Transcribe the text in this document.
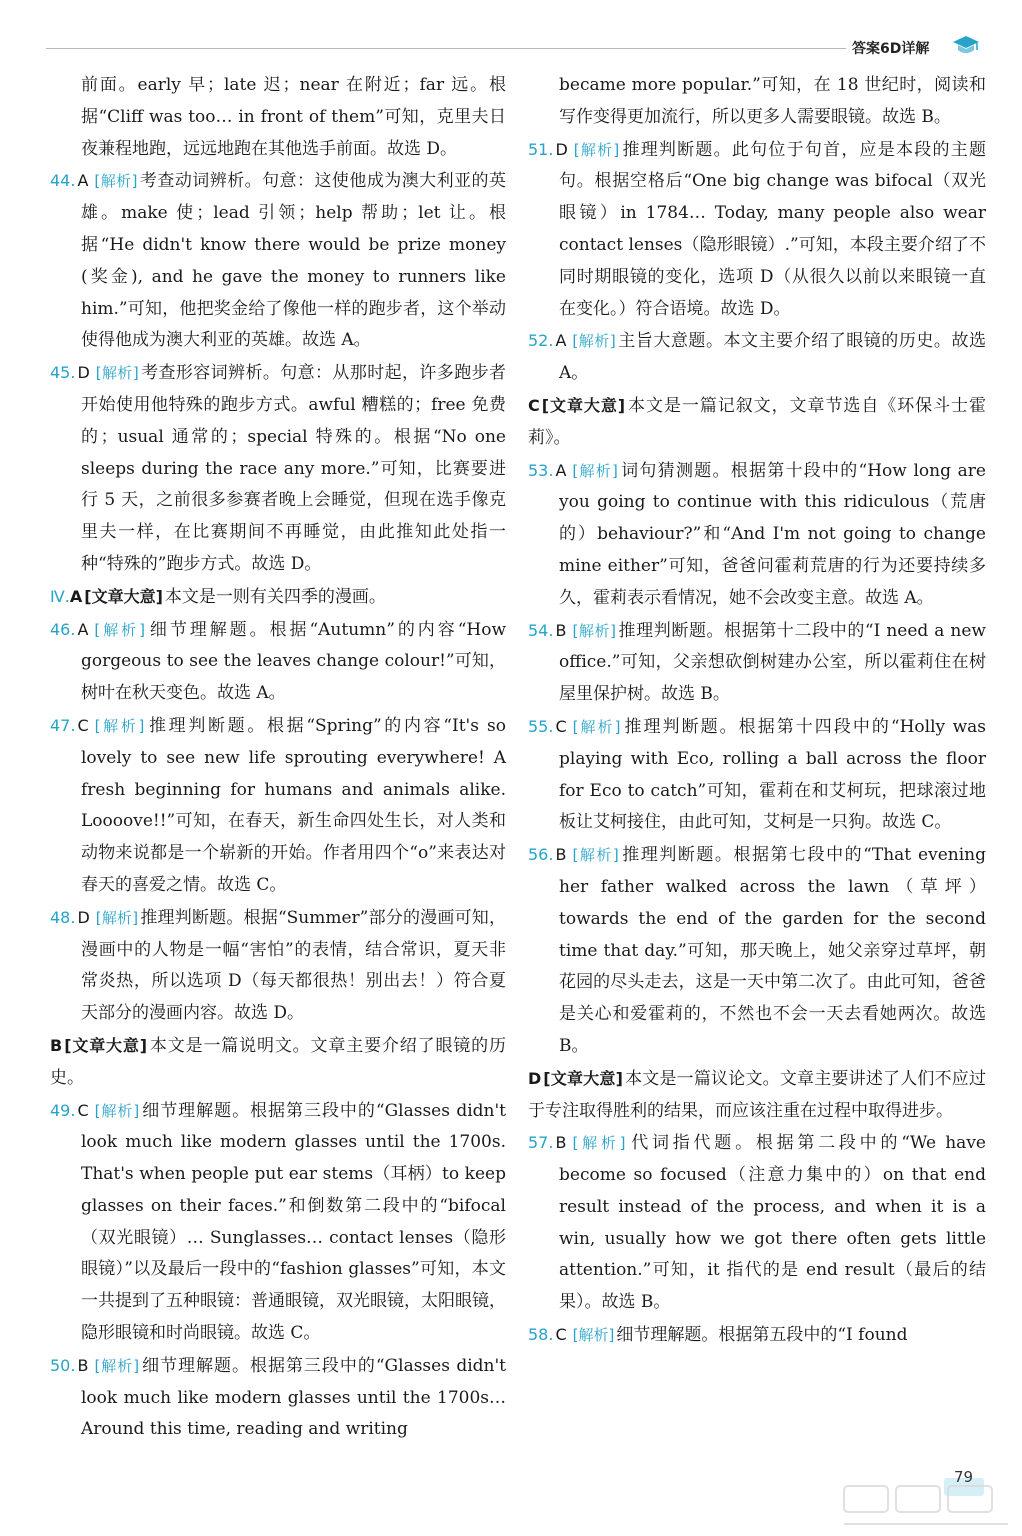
答案6D详解

前面。early 早；late 迟；near 在附近；far 远。根据“Cliff was too… in front of them”可知，克里夫日夜兼程地跑，远远地跑在其他选手前面。故选 D。

44. A [解析] 考查动词辨析。句意：这使他成为澳大利亚的英雄。make 使；lead 引领；help 帮助；let 让。根据“He didn't know there would be prize money (奖金), and he gave the money to runners like him.”可知，他把奖金给了像他一样的跑步者，这个举动使得他成为澳大利亚的英雄。故选 A。

45. D [解析] 考查形容词辨析。句意：从那时起，许多跑步者开始使用他特殊的跑步方式。awful 糟糕的；free 免费的；usual 通常的；special 特殊的。根据“No one sleeps during the race any more.”可知，比赛要进行 5 天，之前很多参赛者晚上会睡觉，但现在选手像克里夫一样，在比赛期间不再睡觉，由此推知此处指一种“特殊的”跑步方式。故选 D。

Ⅳ.A [文章大意] 本文是一则有关四季的漫画。

46. A [解析] 细节理解题。根据“Autumn”的内容“How gorgeous to see the leaves change colour!”可知，树叶在秋天变色。故选 A。

47. C [解析] 推理判断题。根据“Spring”的内容“It's so lovely to see new life sprouting everywhere! A fresh beginning for humans and animals alike. Loooove!!”可知，在春天，新生命四处生长，对人类和动物来说都是一个崭新的开始。作者用四个“o”来表达对春天的喜爱之情。故选 C。

48. D [解析] 推理判断题。根据“Summer”部分的漫画可知，漫画中的人物是一幅“害怕”的表情，结合常识，夏天非常炎热，所以选项 D（每天都很热！别出去！）符合夏天部分的漫画内容。故选 D。

B [文章大意] 本文是一篇说明文。文章主要介绍了眼镜的历史。

49. C [解析] 细节理解题。根据第三段中的“Glasses didn't look much like modern glasses until the 1700s. That's when people put ear stems（耳柄）to keep glasses on their faces.”和倒数第二段中的“bifocal（双光眼镜）… Sunglasses… contact lenses（隐形眼镜）”以及最后一段中的“fashion glasses”可知，本文一共提到了五种眼镜：普通眼镜，双光眼镜，太阳眼镜，隐形眼镜和时尚眼镜。故选 C。

50. B [解析] 细节理解题。根据第三段中的“Glasses didn't look much like modern glasses until the 1700s… Around this time, reading and writing

became more popular.”可知，在 18 世纪时，阅读和写作变得更加流行，所以更多人需要眼镜。故选 B。

51. D [解析] 推理判断题。此句位于句首，应是本段的主题句。根据空格后“One big change was bifocal（双光眼镜）in 1784… Today, many people also wear contact lenses（隐形眼镜）.”可知，本段主要介绍了不同时期眼镜的变化，选项 D（从很久以前以来眼镜一直在变化。）符合语境。故选 D。

52. A [解析] 主旨大意题。本文主要介绍了眼镜的历史。故选 A。

C [文章大意] 本文是一篇记叙文，文章节选自《环保斗士霍莉》。

53. A [解析] 词句猜测题。根据第十段中的“How long are you going to continue with this ridiculous（荒唐的）behaviour?”和“And I'm not going to change mine either”可知，爸爸问霍莉荒唐的行为还要持续多久，霍莉表示看情况，她不会改变主意。故选 A。

54. B [解析] 推理判断题。根据第十二段中的“I need a new office.”可知，父亲想砍倒树建办公室，所以霍莉住在树屋里保护树。故选 B。

55. C [解析] 推理判断题。根据第十四段中的“Holly was playing with Eco, rolling a ball across the floor for Eco to catch”可知，霍莉在和艾柯玩，把球滚过地板让艾柯接住，由此可知，艾柯是一只狗。故选 C。

56. B [解析] 推理判断题。根据第七段中的“That evening her father walked across the lawn（草坪）towards the end of the garden for the second time that day.”可知，那天晚上，她父亲穿过草坪，朝花园的尽头走去，这是一天中第二次了。由此可知，爸爸是关心和爱霍莉的，不然也不会一天去看她两次。故选 B。

D [文章大意] 本文是一篇议论文。文章主要讲述了人们不应过于专注取得胜利的结果，而应该注重在过程中取得进步。

57. B [解析] 代词指代题。根据第二段中的“We have become so focused（注意力集中的）on that end result instead of the process, and when it is a win, usually how we got there often gets little attention.”可知，it 指代的是 end result（最后的结果）。故选 B。

58. C [解析] 细节理解题。根据第五段中的“I found

79
